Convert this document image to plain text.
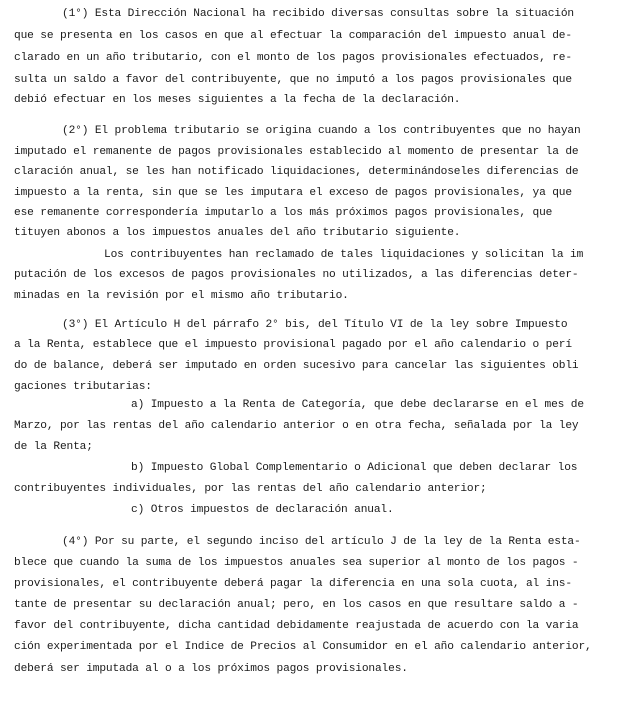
(1°) Esta Dirección Nacional ha recibido diversas consultas sobre la situación
que se presenta en los casos en que al efectuar la comparación del impuesto anual de-
clarado en un año tributario, con el monto de los pagos provisionales efectuados, re-
sulta un saldo a favor del contribuyente, que no imputó a los pagos provisionales que
debió efectuar en los meses siguientes a la fecha de la declaración.
(2°) El problema tributario se origina cuando a los contribuyentes que no hayan
imputado el remanente de pagos provisionales establecido al momento de presentar la de
claración anual, se les han notificado liquidaciones, determinándoseles diferencias de
impuesto a la renta, sin que se les imputara el exceso de pagos provisionales, ya que
ese remanente correspondería imputarlo a los más próximos pagos provisionales, que
tituyen abonos a los impuestos anuales del año tributario siguiente.
Los contribuyentes han reclamado de tales liquidaciones y solicitan la im
putación de los excesos de pagos provisionales no utilizados, a las diferencias deter-
minadas en la revisión por el mismo año tributario.
(3°) El Artículo H del párrafo 2° bis, del Título VI de la ley sobre Impuesto
a la Renta, establece que el impuesto provisional pagado por el año calendario o perí
do de balance, deberá ser imputado en orden sucesivo para cancelar las siguientes obli
gaciones tributarias:
a) Impuesto a la Renta de Categoría, que debe declararse en el mes de
Marzo, por las rentas del año calendario anterior o en otra fecha, señalada por la ley
de la Renta;
b) Impuesto Global Complementario o Adicional que deben declarar los
contribuyentes individuales, por las rentas del año calendario anterior;
c) Otros impuestos de declaración anual.
(4°) Por su parte, el segundo inciso del artículo J de la ley de la Renta esta-
blece que cuando la suma de los impuestos anuales sea superior al monto de los pagos -
provisionales, el contribuyente deberá pagar la diferencia en una sola cuota, al ins-
tante de presentar su declaración anual; pero, en los casos en que resultare saldo a -
favor del contribuyente, dicha cantidad debidamente reajustada de acuerdo con la varia
ción experimentada por el Indice de Precios al Consumidor en el año calendario anterior,
deberá ser imputada al o a los próximos pagos provisionales.
